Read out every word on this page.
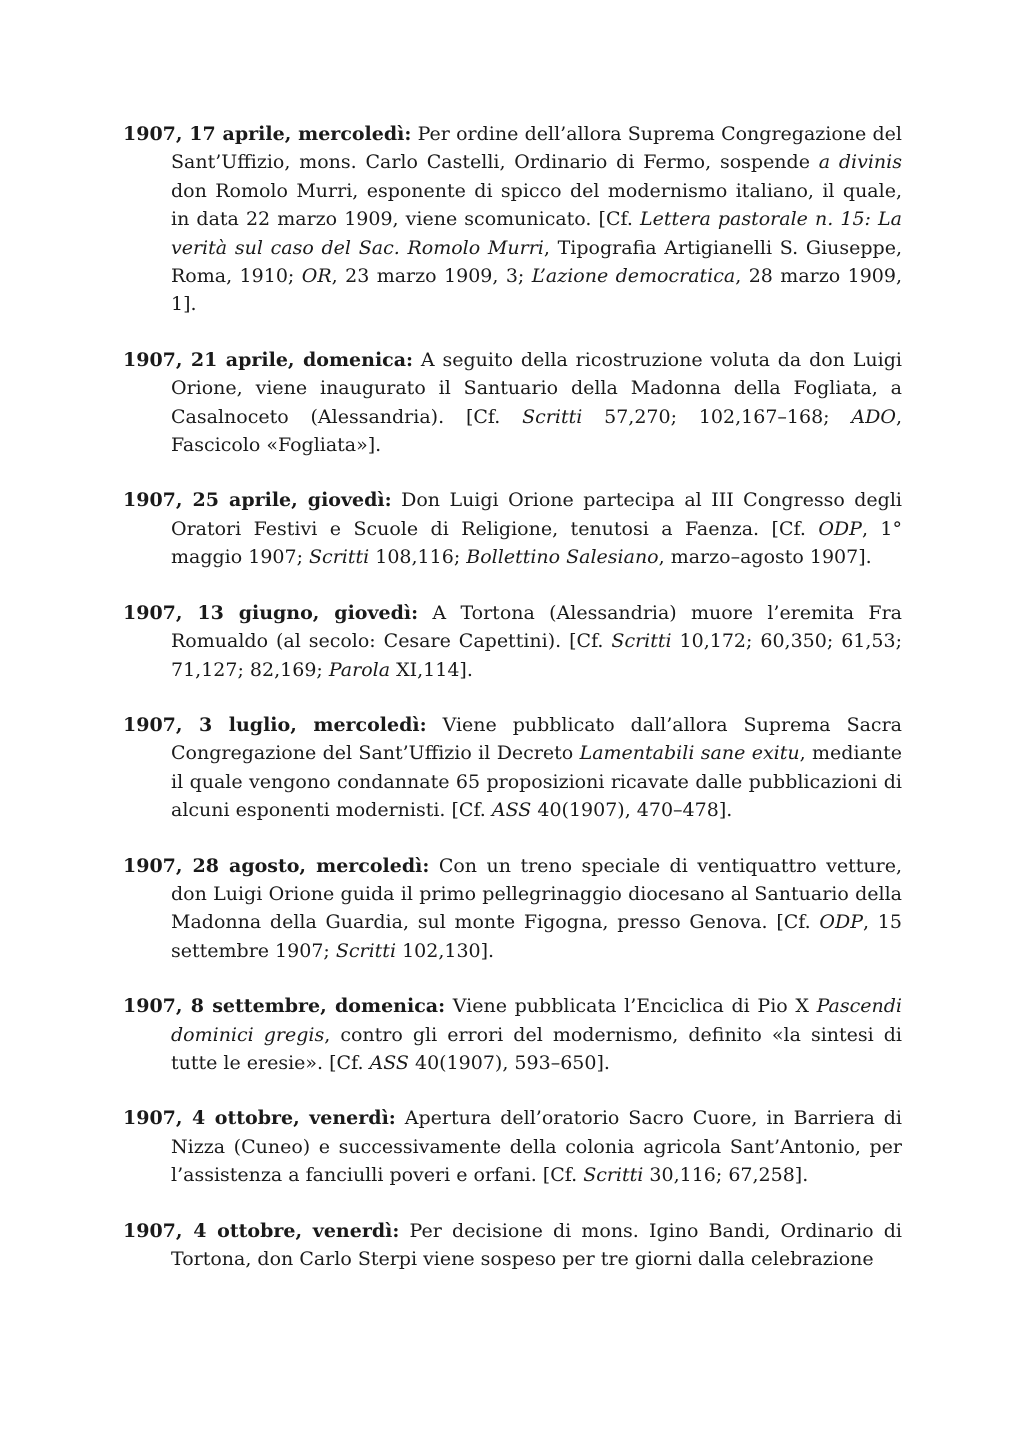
1907, 17 aprile, mercoledì: Per ordine dell’allora Suprema Congregazione del Sant’Uffizio, mons. Carlo Castelli, Ordinario di Fermo, sospende a divinis don Romolo Murri, esponente di spicco del modernismo italiano, il quale, in data 22 marzo 1909, viene scomunicato. [Cf. Lettera pastorale n. 15: La verità sul caso del Sac. Romolo Murri, Tipografia Artigianelli S. Giuseppe, Roma, 1910; OR, 23 marzo 1909, 3; L’azione democratica, 28 marzo 1909, 1].

1907, 21 aprile, domenica: A seguito della ricostruzione voluta da don Luigi Orione, viene inaugurato il Santuario della Madonna della Fogliata, a Casalnoceto (Alessandria). [Cf. Scritti 57,270; 102,167–168; ADO, Fascicolo «Fogliata»].

1907, 25 aprile, giovedì: Don Luigi Orione partecipa al III Congresso degli Oratori Festivi e Scuole di Religione, tenutosi a Faenza. [Cf. ODP, 1° maggio 1907; Scritti 108,116; Bollettino Salesiano, marzo–agosto 1907].

1907, 13 giugno, giovedì: A Tortona (Alessandria) muore l’eremita Fra Romualdo (al secolo: Cesare Capettini). [Cf. Scritti 10,172; 60,350; 61,53; 71,127; 82,169; Parola XI,114].

1907, 3 luglio, mercoledì: Viene pubblicato dall’allora Suprema Sacra Congregazione del Sant’Uffizio il Decreto Lamentabili sane exitu, mediante il quale vengono condannate 65 proposizioni ricavate dalle pubblicazioni di alcuni esponenti modernisti. [Cf. ASS 40(1907), 470–478].

1907, 28 agosto, mercoledì: Con un treno speciale di ventiquattro vetture, don Luigi Orione guida il primo pellegrinaggio diocesano al Santuario della Madonna della Guardia, sul monte Figogna, presso Genova. [Cf. ODP, 15 settembre 1907; Scritti 102,130].

1907, 8 settembre, domenica: Viene pubblicata l’Enciclica di Pio X Pascendi dominici gregis, contro gli errori del modernismo, definito «la sintesi di tutte le eresie». [Cf. ASS 40(1907), 593–650].

1907, 4 ottobre, venerdì: Apertura dell’oratorio Sacro Cuore, in Barriera di Nizza (Cuneo) e successivamente della colonia agricola Sant’Antonio, per l’assistenza a fanciulli poveri e orfani. [Cf. Scritti 30,116; 67,258].

1907, 4 ottobre, venerdì: Per decisione di mons. Igino Bandi, Ordinario di Tortona, don Carlo Sterpi viene sospeso per tre giorni dalla celebrazione
